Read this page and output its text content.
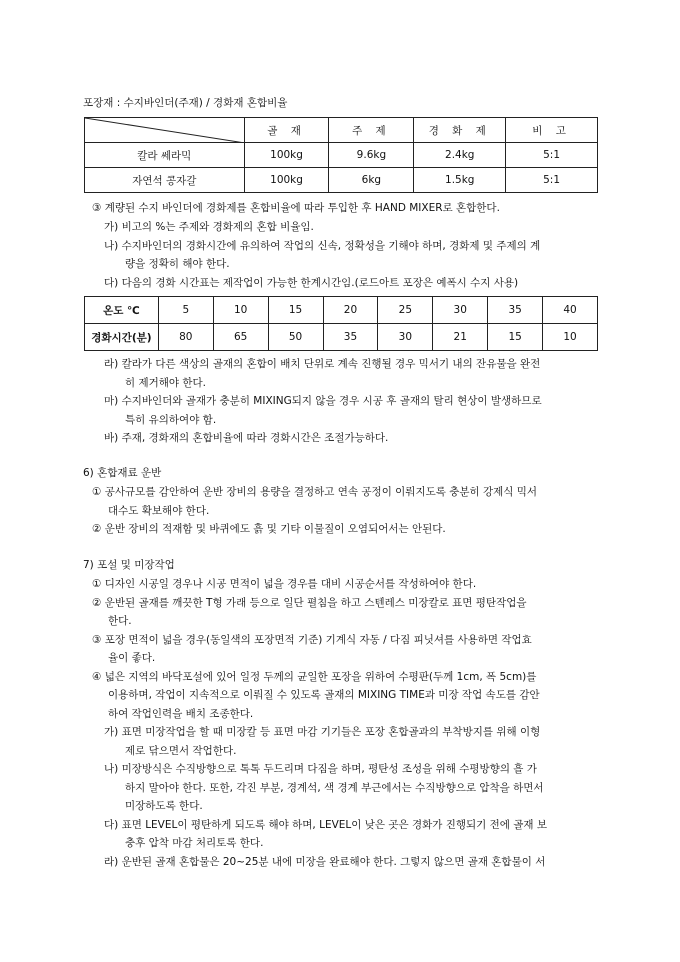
포장재 : 수지바인더(주재) / 경화재 혼합비율
	골 재	주 제	경 화 제	비 고
칼라 쎄라믹	100kg	9.6kg	2.4kg	5:1
자연석 콩자갈	100kg	6kg	1.5kg	5:1
③ 계량된 수지 바인더에 경화제를 혼합비율에 따라 투입한 후 HAND MIXER로 혼합한다.
가) 비고의 %는 주제와 경화제의 혼합 비율임.
나) 수지바인더의 경화시간에 유의하여 작업의 신속, 정확성을 기해야 하며, 경화제 및 주제의 계
량을 정확히 해야 한다.
다) 다음의 경화 시간표는 제작업이 가능한 한계시간임.(로드아트 포장은 예폭시 수지 사용)
온도 ℃	5	10	15	20	25	30	35	40
경화시간(분)	80	65	50	35	30	21	15	10
라) 칼라가 다른 색상의 골재의 혼합이 배치 단위로 계속 진행될 경우 믹서기 내의 잔유물을 완전
히 제거해야 한다.
마) 수지바인더와 골재가 충분히 MIXING되지 않을 경우 시공 후 골재의 탈리 현상이 발생하므로
특히 유의하여야 함.
바) 주재, 경화재의 혼합비율에 따라 경화시간은 조절가능하다.
6) 혼합재료 운반
① 공사규모를 감안하여 운반 장비의 용량을 결정하고 연속 공정이 이뤄지도록 충분히 강제식 믹서
대수도 확보해야 한다.
② 운반 장비의 적재함 및 바퀴에도 흙 및 기타 이물질이 오염되어서는 안된다.
7) 포설 및 미장작업
① 디자인 시공일 경우나 시공 면적이 넓을 경우를 대비 시공순서를 작성하여야 한다.
② 운반된 골재를 깨끗한 T형 가래 등으로 일단 펼침을 하고 스텐레스 미장칼로 표면 평탄작업을
한다.
③ 포장 면적이 넓을 경우(동일색의 포장면적 기준) 기계식 자동 / 다짐 피닛셔를 사용하면 작업효
율이 좋다.
④ 넓은 지역의 바닥포설에 있어 일정 두께의 균일한 포장을 위하여 수평판(두께 1cm, 폭 5cm)를
이용하며, 작업이 지속적으로 이뤄질 수 있도록 골재의 MIXING TIME과 미장 작업 속도를 감안
하여 작업인력을 배치 조종한다.
가) 표면 미장작업을 할 때 미장칼 등 표면 마감 기기들은 포장 혼합골과의 부착방지를 위해 이형
제로 닦으면서 작업한다.
나) 미장방식은 수직방향으로 톡톡 두드리며 다짐을 하며, 평탄성 조성을 위해 수평방향의 흘 가
하지 말아야 한다. 또한, 각진 부분, 경계석, 색 경계 부근에서는 수직방향으로 압착을 하면서
미장하도록 한다.
다) 표면 LEVEL이 평탄하게 되도록 해야 하며, LEVEL이 낮은 곳은 경화가 진행되기 전에 골재 보
충후 압착 마감 처리토록 한다.
라) 운반된 골재 혼합물은 20~25분 내에 미장을 완료해야 한다. 그렇지 않으면 골재 혼합물이 서
